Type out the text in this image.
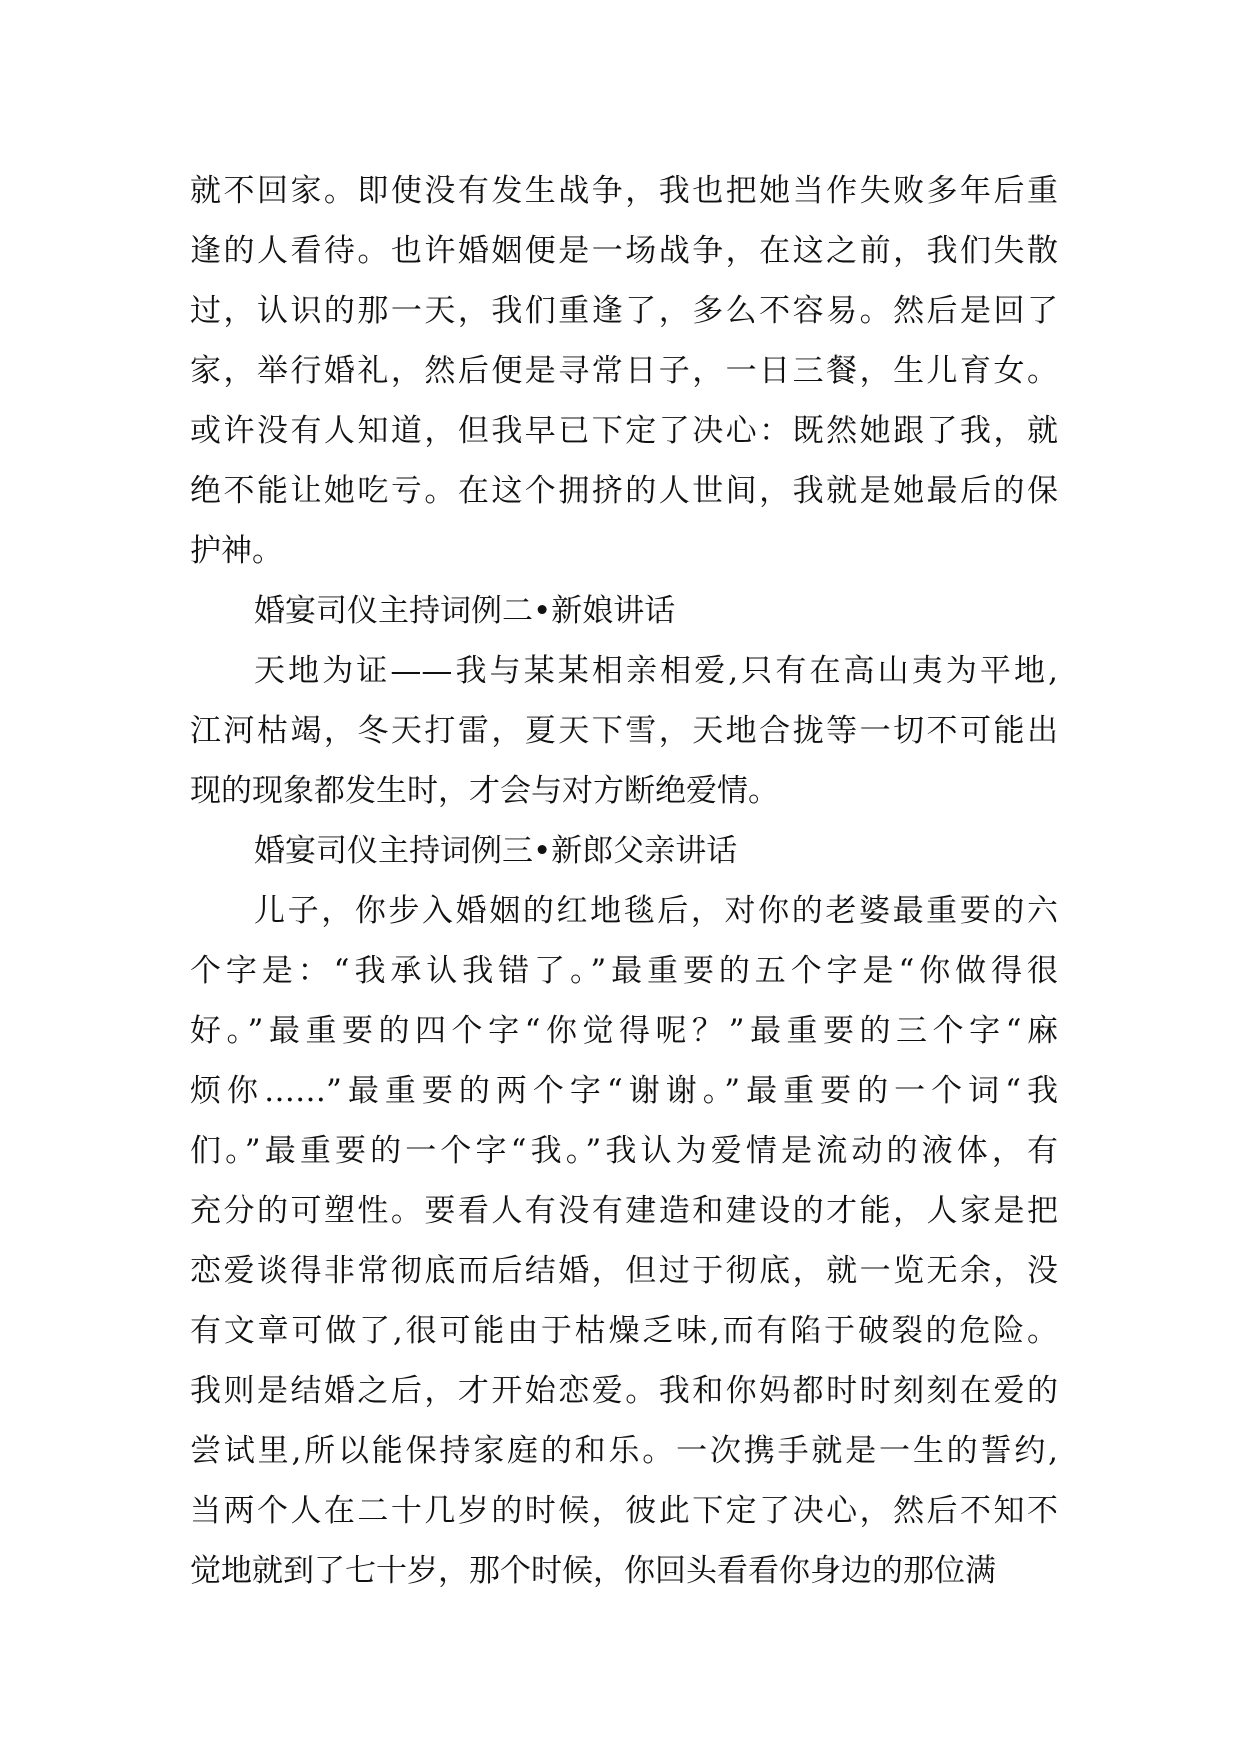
就不回家。即使没有发生战争，我也把她当作失败多年后重
逢的人看待。也许婚姻便是一场战争，在这之前，我们失散
过，认识的那一天，我们重逢了，多么不容易。然后是回了
家，举行婚礼，然后便是寻常日子，一日三餐，生儿育女。
或许没有人知道，但我早已下定了决心：既然她跟了我，就
绝不能让她吃亏。在这个拥挤的人世间，我就是她最后的保
护神。
婚宴司仪主持词例二•新娘讲话
天地为证——我与某某相亲相爱,只有在高山夷为平地,
江河枯竭，冬天打雷，夏天下雪，天地合拢等一切不可能出
现的现象都发生时，才会与对方断绝爱情。
婚宴司仪主持词例三•新郎父亲讲话
儿子，你步入婚姻的红地毯后，对你的老婆最重要的六
个字是：“我承认我错了。”最重要的五个字是“你做得很
好。”最重要的四个字“你觉得呢？”最重要的三个字“麻
烦你……”最重要的两个字“谢谢。”最重要的一个词“我
们。”最重要的一个字“我。”我认为爱情是流动的液体，有
充分的可塑性。要看人有没有建造和建设的才能，人家是把
恋爱谈得非常彻底而后结婚，但过于彻底，就一览无余，没
有文章可做了,很可能由于枯燥乏味,而有陷于破裂的危险。
我则是结婚之后，才开始恋爱。我和你妈都时时刻刻在爱的
尝试里,所以能保持家庭的和乐。一次携手就是一生的誓约,
当两个人在二十几岁的时候，彼此下定了决心，然后不知不
觉地就到了七十岁，那个时候，你回头看看你身边的那位满
